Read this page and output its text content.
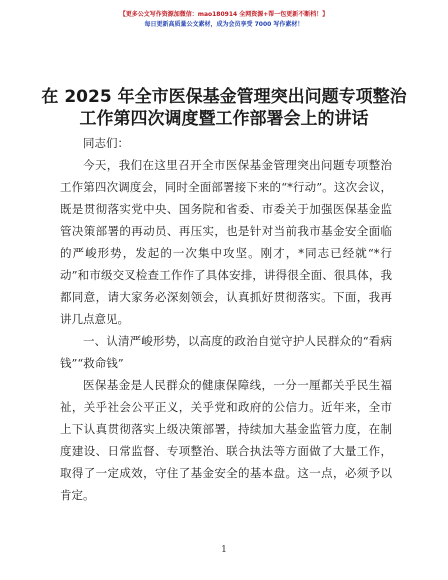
【更多公文写作资源加微信：mao180914 全网资源+帮一包更新不断档！】
每日更新高质量公文素材，成为会员享受 7000 写作素材！
在 2025 年全市医保基金管理突出问题专项整治
工作第四次调度暨工作部署会上的讲话

同志们：

今天，我们在这里召开全市医保基金管理突出问题专项整治工作第四次调度会，同时全面部署接下来的“*行动”。这次会议，既是贯彻落实党中央、国务院和省委、市委关于加强医保基金监管决策部署的再动员、再压实，也是针对当前我市基金安全面临的严峻形势，发起的一次集中攻坚。刚才，*同志已经就“*行动”和市级交叉检查工作作了具体安排，讲得很全面、很具体，我都同意，请大家务必深刻领会，认真抓好贯彻落实。下面，我再讲几点意见。

一、认清严峻形势，以高度的政治自觉守护人民群众的“看病钱”“救命钱”

医保基金是人民群众的健康保障线，一分一厘都关乎民生福祉，关乎社会公平正义，关乎党和政府的公信力。近年来，全市上下认真贯彻落实上级决策部署，持续加大基金监管力度，在制度建设、日常监督、专项整治、联合执法等方面做了大量工作，取得了一定成效，守住了基金安全的基本盘。这一点，必须予以肯定。

1
